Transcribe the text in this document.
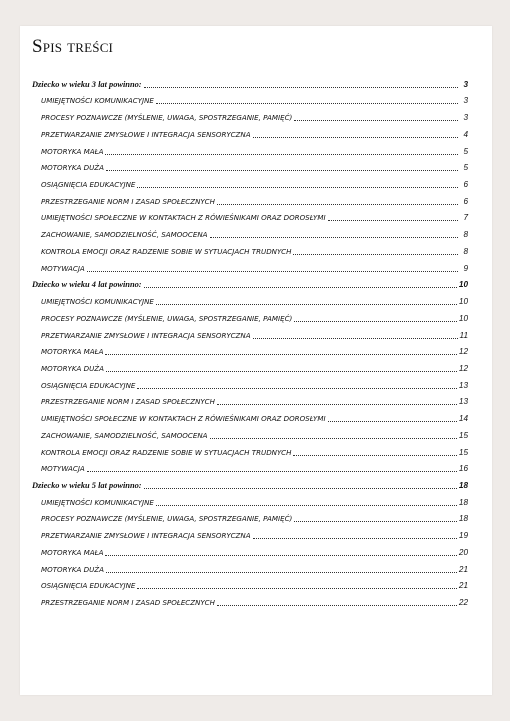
Spis treści
Dziecko w wieku 3 lat powinno:	3
UMIEJĘTNOŚCI KOMUNIKACYJNE	3
PROCESY POZNAWCZE (MYŚLENIE, UWAGA, SPOSTRZEGANIE, PAMIĘĆ)	3
PRZETWARZANIE ZMYSŁOWE I INTEGRACJA SENSORYCZNA	4
MOTORYKA MAŁA	5
MOTORYKA DUŻA	5
OSIĄGNIĘCIA EDUKACYJNE	6
PRZESTRZEGANIE NORM I ZASAD SPOŁECZNYCH	6
UMIEJĘTNOŚCI SPOŁECZNE W KONTAKTACH Z RÓWIEŚNIKAMI ORAZ DOROSŁYMI	7
ZACHOWANIE, SAMODZIELNOŚĆ, SAMOOCENA	8
KONTROLA EMOCJI ORAZ RADZENIE SOBIE W SYTUACJACH TRUDNYCH	8
MOTYWACJA	9
Dziecko w wieku 4 lat powinno:	10
UMIEJĘTNOŚCI KOMUNIKACYJNE	10
PROCESY POZNAWCZE (MYŚLENIE, UWAGA, SPOSTRZEGANIE, PAMIĘĆ)	10
PRZETWARZANIE ZMYSŁOWE I INTEGRACJA SENSORYCZNA	11
MOTORYKA MAŁA	12
MOTORYKA DUŻA	12
OSIĄGNIĘCIA EDUKACYJNE	13
PRZESTRZEGANIE NORM I ZASAD SPOŁECZNYCH	13
UMIEJĘTNOŚCI SPOŁECZNE W KONTAKTACH Z RÓWIEŚNIKAMI ORAZ DOROSŁYMI	14
ZACHOWANIE, SAMODZIELNOŚĆ, SAMOOCENA	15
KONTROLA EMOCJI ORAZ RADZENIE SOBIE W SYTUACJACH TRUDNYCH	15
MOTYWACJA	16
Dziecko w wieku 5 lat powinno:	18
UMIEJĘTNOŚCI KOMUNIKACYJNE	18
PROCESY POZNAWCZE (MYŚLENIE, UWAGA, SPOSTRZEGANIE, PAMIĘĆ)	18
PRZETWARZANIE ZMYSŁOWE I INTEGRACJA SENSORYCZNA	19
MOTORYKA MAŁA	20
MOTORYKA DUŻA	21
OSIĄGNIĘCIA EDUKACYJNE	21
PRZESTRZEGANIE NORM I ZASAD SPOŁECZNYCH	22
